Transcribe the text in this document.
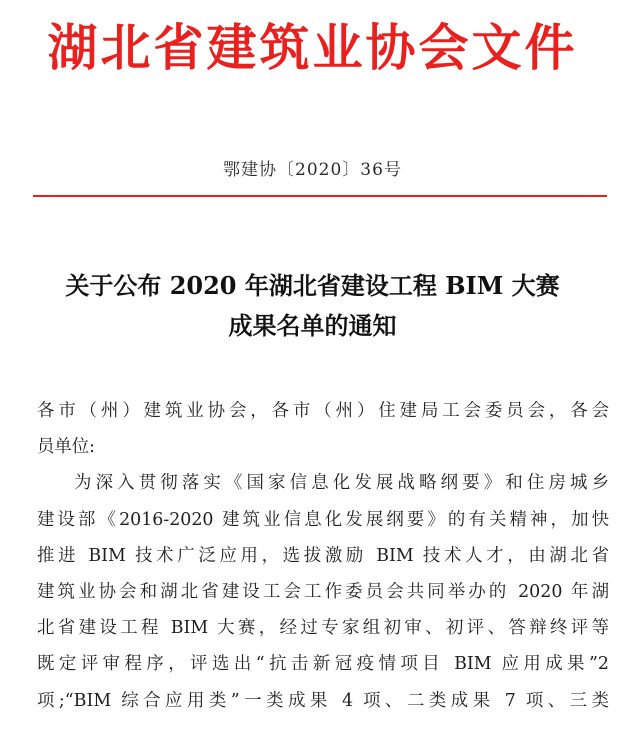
湖北省建筑业协会文件
鄂建协〔2020〕36号
关于公布 2020 年湖北省建设工程 BIM 大赛
成果名单的通知
各市（州）建筑业协会，各市（州）住建局工会委员会，各会
员单位:
为深入贯彻落实《国家信息化发展战略纲要》和住房城乡
建设部《2016-2020 建筑业信息化发展纲要》的有关精神，加快
推进 BIM 技术广泛应用，选拔激励 BIM 技术人才，由湖北省
建筑业协会和湖北省建设工会工作委员会共同举办的 2020 年湖
北省建设工程 BIM 大赛，经过专家组初审、初评、答辩终评等
既定评审程序，评选出“抗击新冠疫情项目 BIM 应用成果”2
项;“BIM 综合应用类”一类成果 4 项、二类成果 7 项、三类
